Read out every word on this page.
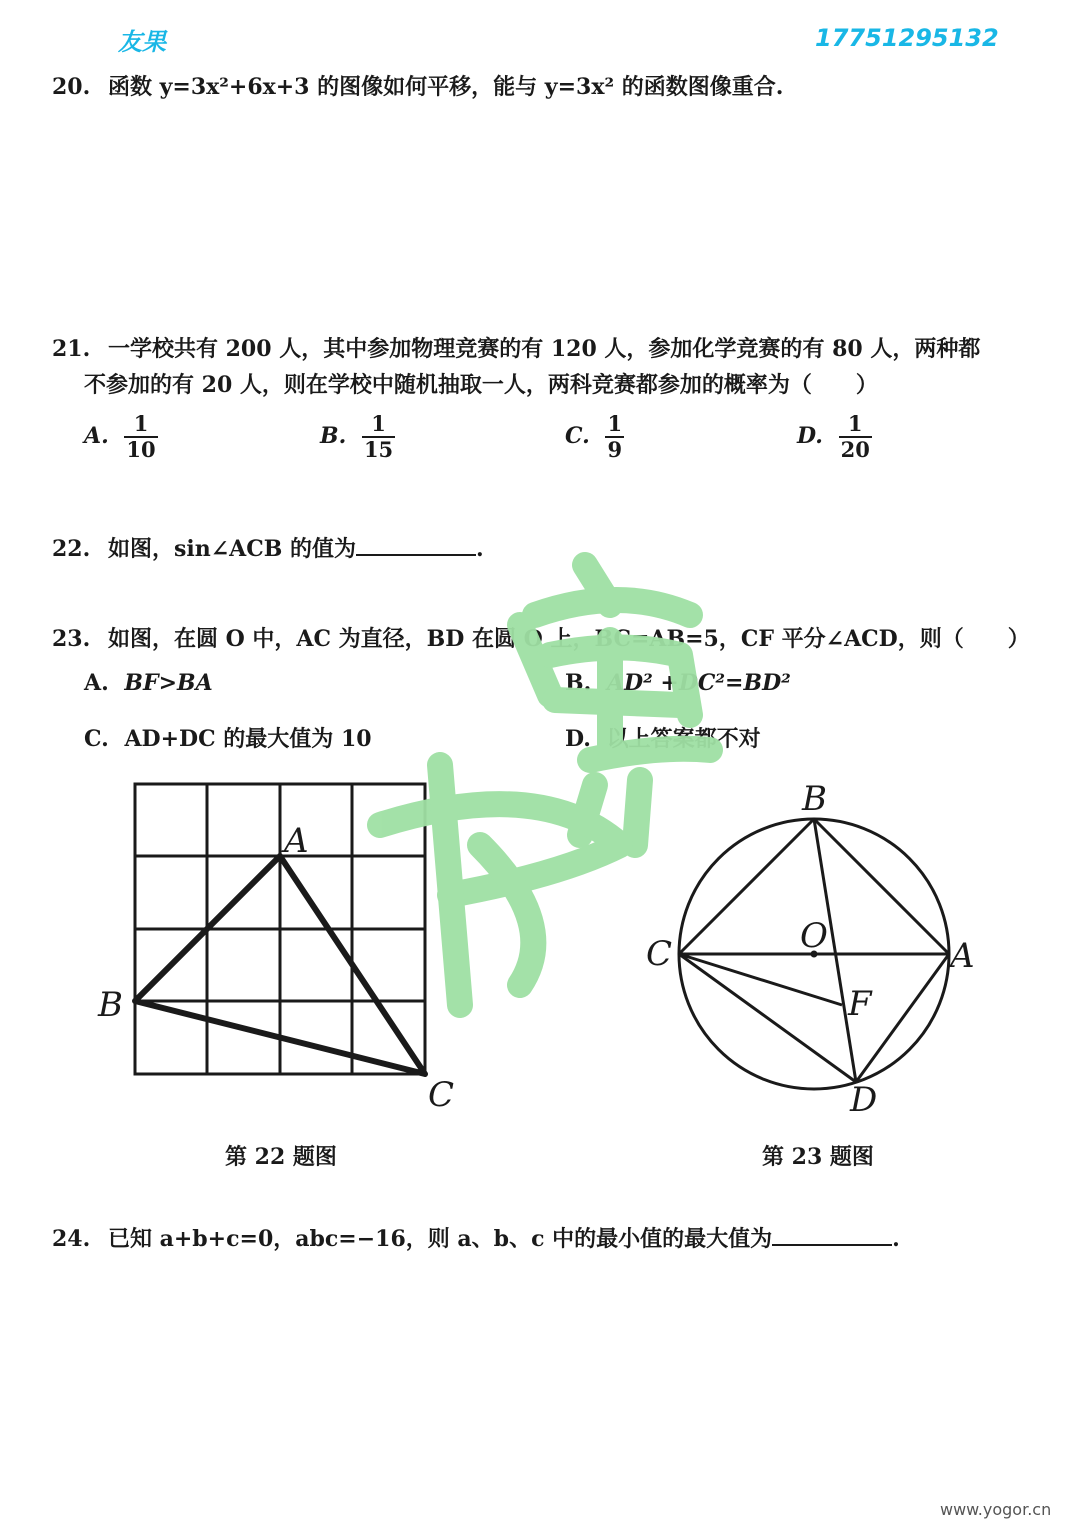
友果	17751295132
20. 函数 y=3x²+6x+3 的图像如何平移，能与 y=3x² 的函数图像重合.
21. 一学校共有 200 人，其中参加物理竞赛的有 120 人，参加化学竞赛的有 80 人，两种都
不参加的有 20 人，则在学校中随机抽取一人，两科竞赛都参加的概率为（　　）
A. $\frac{1}{10}$	B. $\frac{1}{15}$	C. $\frac{1}{9}$	D. $\frac{1}{20}$
22. 如图，sin∠ACB 的值为	.
23. 如图，在圆 O 中，AC 为直径，BD 在圆 O 上，BC=AB=5，CF 平分∠ACD，则（　　）
A. BF>BA	B. AD² +DC²=BD²
C. AD+DC 的最大值为 10	D. 以上答案都不对
A
B
C
B
C	A
O
F
D
第 22 题图	第 23 题图
24. 已知 a+b+c=0，abc=−16，则 a、b、c 中的最小值的最大值为	.
www.yogor.cn
